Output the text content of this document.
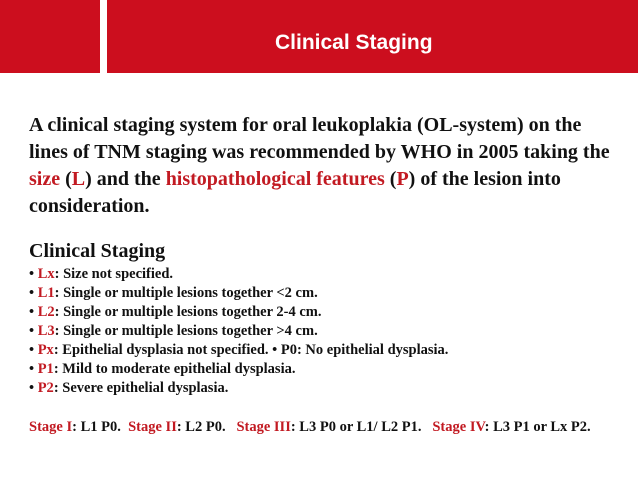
Clinical Staging

A clinical staging system for oral leukoplakia (OL-system) on the lines of TNM staging was recommended by WHO in 2005 taking the size (L) and the histopathological features (P) of the lesion into consideration.

Clinical Staging
• Lx: Size not specified.
• L1: Single or multiple lesions together <2 cm.
• L2: Single or multiple lesions together 2-4 cm.
• L3: Single or multiple lesions together >4 cm.
• Px: Epithelial dysplasia not specified. • P0: No epithelial dysplasia.
• P1: Mild to moderate epithelial dysplasia.
• P2: Severe epithelial dysplasia.

Stage I: L1 P0.  Stage II: L2 P0.   Stage III: L3 P0 or L1/ L2 P1.   Stage IV: L3 P1 or Lx P2.
